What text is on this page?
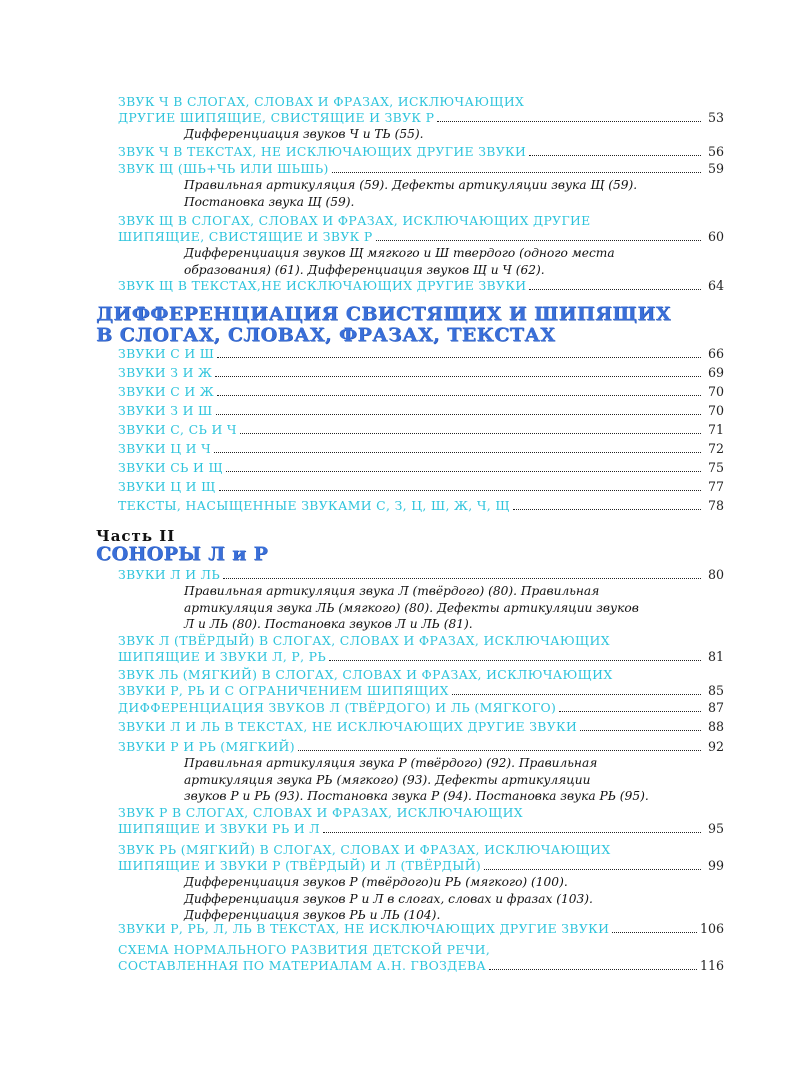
ДИФФЕРЕНЦИАЦИЯ СВИСТЯЩИХ И ШИПЯЩИХ
В СЛОГАХ, СЛОВАХ, ФРАЗАХ, ТЕКСТАХ
Часть II
СОНОРЫ Л и Р
ЗВУК Ч В СЛОГАХ, СЛОВАХ И ФРАЗАХ, ИСКЛЮЧАЮЩИХ
ДРУГИЕ ШИПЯЩИЕ, СВИСТЯЩИЕ И ЗВУК Р	53
Дифференциация звуков Ч и ТЬ (55).
ЗВУК Ч В ТЕКСТАХ, НЕ ИСКЛЮЧАЮЩИХ ДРУГИЕ ЗВУКИ	56
ЗВУК Щ (ШЬ+ЧЬ ИЛИ ШЬШЬ)	59
Правильная артикуляция (59). Дефекты артикуляции звука Щ (59).
Постановка звука Щ (59).
ЗВУК Щ В СЛОГАХ, СЛОВАХ И ФРАЗАХ, ИСКЛЮЧАЮЩИХ ДРУГИЕ
ШИПЯЩИЕ, СВИСТЯЩИЕ И ЗВУК Р	60
Дифференциация звуков Щ мягкого и Ш твердого (одного места
образования) (61). Дифференциация звуков Щ и Ч (62).
ЗВУК Щ В ТЕКСТАХ,НЕ ИСКЛЮЧАЮЩИХ ДРУГИЕ ЗВУКИ	64
ЗВУКИ С И Ш	66
ЗВУКИ З И Ж	69
ЗВУКИ С И Ж	70
ЗВУКИ З И Ш	70
ЗВУКИ С, СЬ И Ч	71
ЗВУКИ Ц И Ч	72
ЗВУКИ СЬ И Щ	75
ЗВУКИ Ц И Щ	77
ТЕКСТЫ, НАСЫЩЕННЫЕ ЗВУКАМИ С, З, Ц, Ш, Ж, Ч, Щ	78
ЗВУКИ Л И ЛЬ	80
Правильная артикуляция звука Л (твёрдого) (80). Правильная
артикуляция звука ЛЬ (мягкого) (80). Дефекты артикуляции звуков
Л и ЛЬ (80). Постановка звуков Л и ЛЬ (81).
ЗВУК Л (ТВЁРДЫЙ) В СЛОГАХ, СЛОВАХ И ФРАЗАХ, ИСКЛЮЧАЮЩИХ
ШИПЯЩИЕ И ЗВУКИ Л, Р, РЬ	81
ЗВУК ЛЬ (МЯГКИЙ) В СЛОГАХ, СЛОВАХ И ФРАЗАХ, ИСКЛЮЧАЮЩИХ
ЗВУКИ Р, РЬ И С ОГРАНИЧЕНИЕМ ШИПЯЩИХ	85
ДИФФЕРЕНЦИАЦИЯ ЗВУКОВ Л (ТВЁРДОГО) И ЛЬ (МЯГКОГО)	87
ЗВУКИ Л И ЛЬ В ТЕКСТАХ, НЕ ИСКЛЮЧАЮЩИХ ДРУГИЕ ЗВУКИ	88
ЗВУКИ Р И РЬ (МЯГКИЙ)	92
Правильная артикуляция звука Р (твёрдого) (92). Правильная
артикуляция звука РЬ (мягкого) (93). Дефекты артикуляции
звуков Р и РЬ (93). Постановка звука Р (94). Постановка звука РЬ (95).
ЗВУК Р В СЛОГАХ, СЛОВАХ И ФРАЗАХ, ИСКЛЮЧАЮЩИХ
ШИПЯЩИЕ И ЗВУКИ РЬ И Л	95
ЗВУК РЬ (МЯГКИЙ) В СЛОГАХ, СЛОВАХ И ФРАЗАХ, ИСКЛЮЧАЮЩИХ
ШИПЯЩИЕ И ЗВУКИ Р (ТВЁРДЫЙ) И Л (ТВЁРДЫЙ)	99
Дифференциация звуков Р (твёрдого)и РЬ (мягкого) (100).
Дифференциация звуков Р и Л в слогах, словах и фразах (103).
Дифференциация звуков РЬ и ЛЬ (104).
ЗВУКИ Р, РЬ, Л, ЛЬ В ТЕКСТАХ, НЕ ИСКЛЮЧАЮЩИХ ДРУГИЕ ЗВУКИ	106
СХЕМА НОРМАЛЬНОГО РАЗВИТИЯ ДЕТСКОЙ РЕЧИ,
СОСТАВЛЕННАЯ ПО МАТЕРИАЛАМ А.Н. ГВОЗДЕВА	116
